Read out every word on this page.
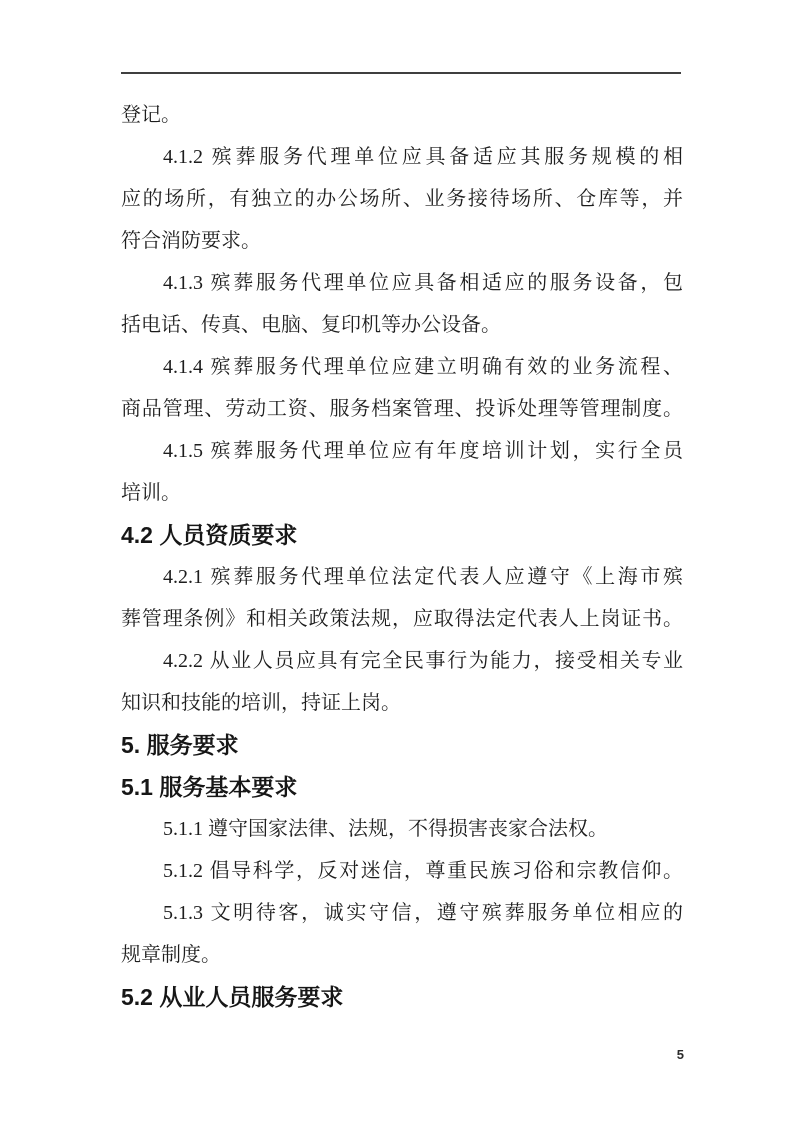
登记。

4.1.2 殡葬服务代理单位应具备适应其服务规模的相
应的场所，有独立的办公场所、业务接待场所、仓库等，并
符合消防要求。

4.1.3 殡葬服务代理单位应具备相适应的服务设备，包
括电话、传真、电脑、复印机等办公设备。

4.1.4 殡葬服务代理单位应建立明确有效的业务流程、
商品管理、劳动工资、服务档案管理、投诉处理等管理制度。

4.1.5 殡葬服务代理单位应有年度培训计划，实行全员
培训。

4.2 人员资质要求

4.2.1 殡葬服务代理单位法定代表人应遵守《上海市殡
葬管理条例》和相关政策法规，应取得法定代表人上岗证书。

4.2.2 从业人员应具有完全民事行为能力，接受相关专业
知识和技能的培训，持证上岗。

5. 服务要求
5.1 服务基本要求

5.1.1 遵守国家法律、法规，不得损害丧家合法权。

5.1.2 倡导科学，反对迷信，尊重民族习俗和宗教信仰。

5.1.3 文明待客，诚实守信，遵守殡葬服务单位相应的
规章制度。

5.2 从业人员服务要求
5
